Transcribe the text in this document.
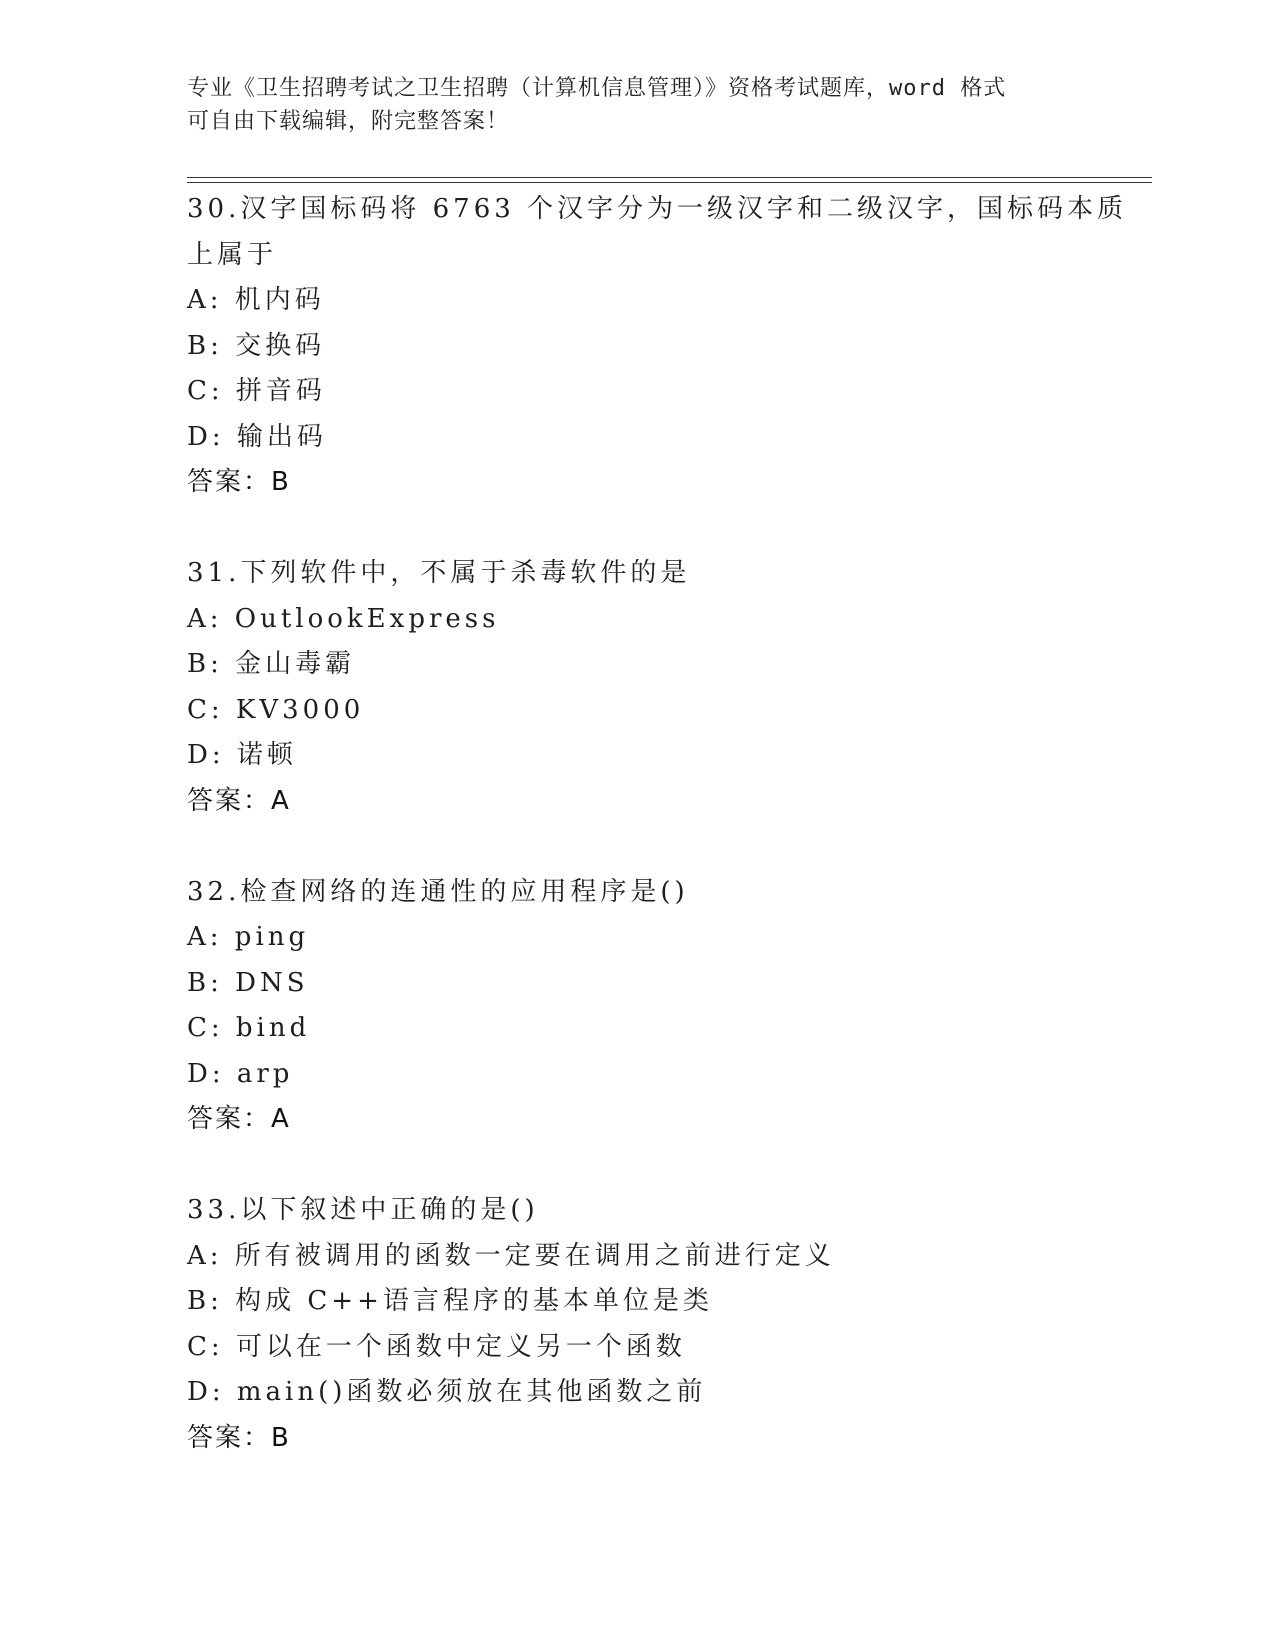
专业《卫生招聘考试之卫生招聘（计算机信息管理）》资格考试题库，word 格式
可自由下载编辑，附完整答案！
30.汉字国标码将 6763 个汉字分为一级汉字和二级汉字，国标码本质
上属于
A: 机内码
B: 交换码
C: 拼音码
D: 输出码
答案：B
31.下列软件中，不属于杀毒软件的是
A: OutlookExpress
B: 金山毒霸
C: KV3000
D: 诺顿
答案：A
32.检查网络的连通性的应用程序是()
A: ping
B: DNS
C: bind
D: arp
答案：A
33.以下叙述中正确的是()
A: 所有被调用的函数一定要在调用之前进行定义
B: 构成 C++语言程序的基本单位是类
C: 可以在一个函数中定义另一个函数
D: main()函数必须放在其他函数之前
答案：B
